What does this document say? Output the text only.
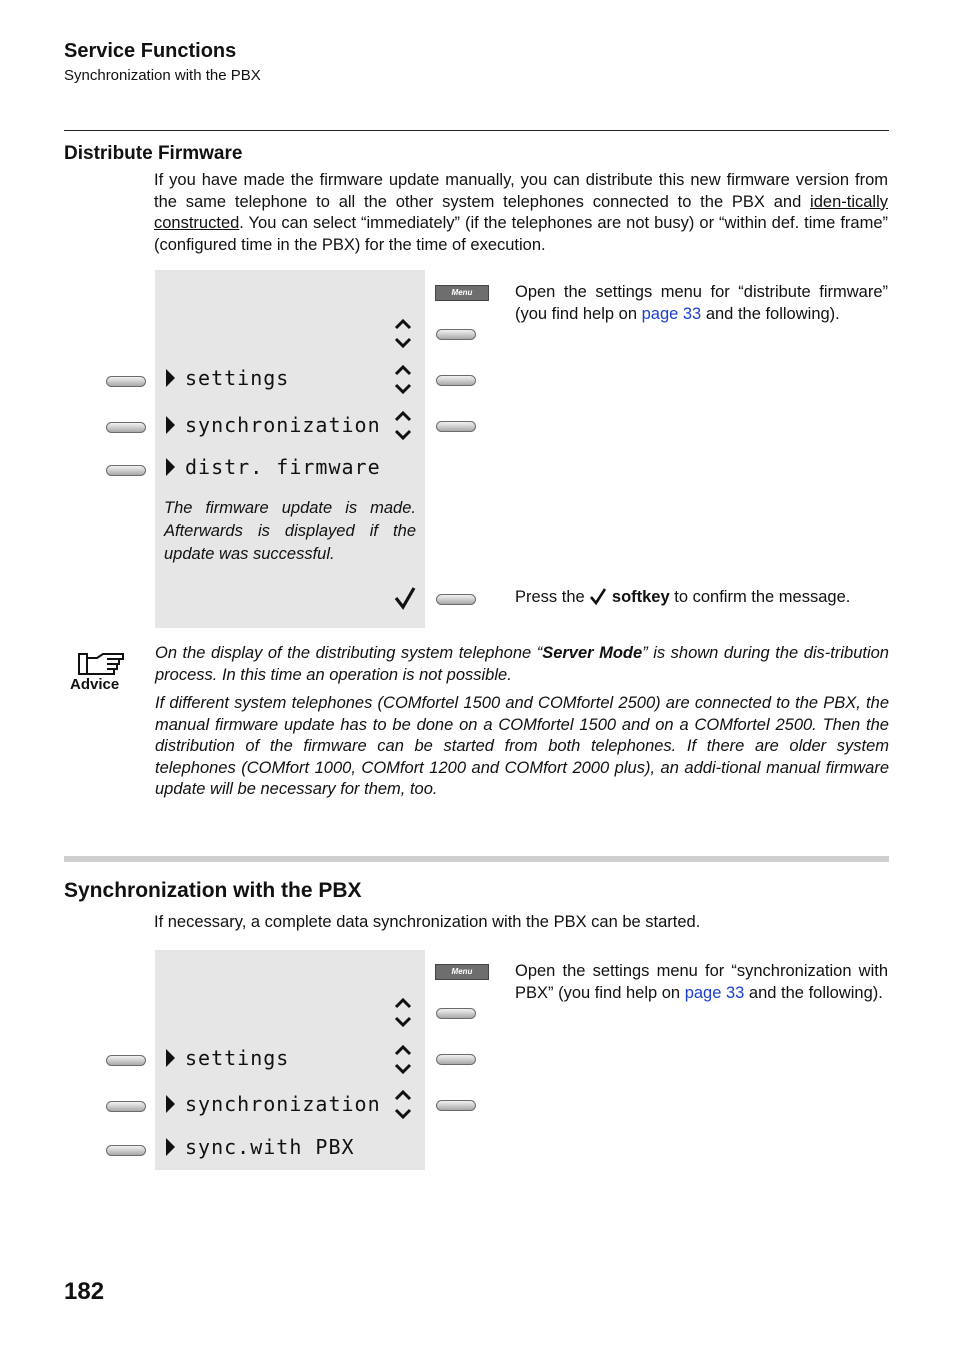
Service Functions
Synchronization with the PBX
Distribute Firmware
If you have made the firmware update manually, you can distribute this new firmware version from the same telephone to all the other system telephones connected to the PBX and iden-tically constructed. You can select “immediately” (if the telephones are not busy) or “within def. time frame” (configured time in the PBX) for the time of execution.
Menu	Open the settings menu for “distribute firmware” (you find help on page 33 and the following).
settings
synchronization
distr. firmware
The firmware update is made. Afterwards is displayed if the update was successful.
Press the  softkey to confirm the message.
Advice
On the display of the distributing system telephone “Server Mode” is shown during the dis-tribution process. In this time an operation is not possible.
If different system telephones (COMfortel 1500 and COMfortel 2500) are connected to the PBX, the manual firmware update has to be done on a COMfortel 1500 and on a COMfortel 2500. Then the distribution of the firmware can be started from both telephones. If there are older system telephones (COMfort 1000, COMfort 1200 and COMfort 2000 plus), an addi-tional manual firmware update will be necessary for them, too.
Synchronization with the PBX
If necessary, a complete data synchronization with the PBX can be started.
Menu	Open the settings menu for “synchronization with PBX” (you find help on page 33 and the following).
settings
synchronization
sync.with PBX
182
